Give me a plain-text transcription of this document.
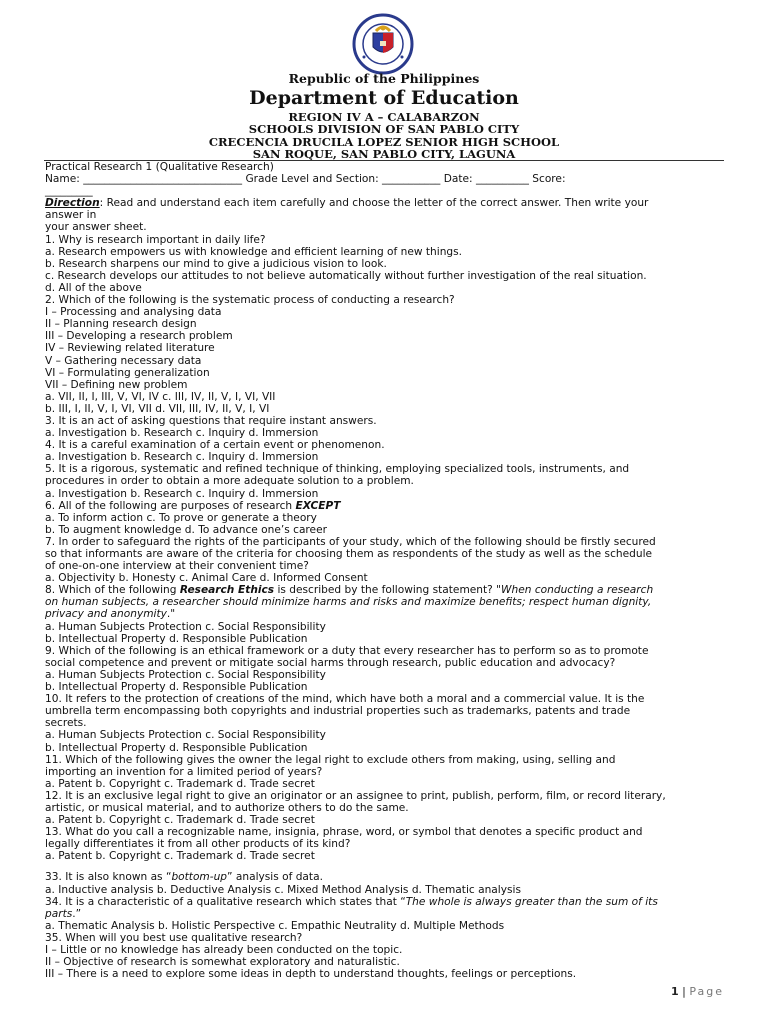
Republic of the Philippines
Department of Education
REGION IV A – CALABARZON
SCHOOLS DIVISION OF SAN PABLO CITY
CRECENCIA DRUCILA LOPEZ SENIOR HIGH SCHOOL
SAN ROQUE, SAN PABLO CITY, LAGUNA
Practical Research 1 (Qualitative Research)
Name: ______________________________ Grade Level and Section: ___________ Date: __________ Score:
_________
Direction: Read and understand each item carefully and choose the letter of the correct answer. Then write your
answer in
your answer sheet.
1. Why is research important in daily life?
a. Research empowers us with knowledge and efficient learning of new things.
b. Research sharpens our mind to give a judicious vision to look.
c. Research develops our attitudes to not believe automatically without further investigation of the real situation.
d. All of the above
2. Which of the following is the systematic process of conducting a research?
I – Processing and analysing data
II – Planning research design
III – Developing a research problem
IV – Reviewing related literature
V – Gathering necessary data
VI – Formulating generalization
VII – Defining new problem
a. VII, II, I, III, V, VI, IV c. III, IV, II, V, I, VI, VII
b. III, I, II, V, I, VI, VII d. VII, III, IV, II, V, I, VI
3. It is an act of asking questions that require instant answers.
a. Investigation b. Research c. Inquiry d. Immersion
4. It is a careful examination of a certain event or phenomenon.
a. Investigation b. Research c. Inquiry d. Immersion
5. It is a rigorous, systematic and refined technique of thinking, employing specialized tools, instruments, and
procedures in order to obtain a more adequate solution to a problem.
a. Investigation b. Research c. Inquiry d. Immersion
6. All of the following are purposes of research EXCEPT
a. To inform action c. To prove or generate a theory
b. To augment knowledge d. To advance one’s career
7. In order to safeguard the rights of the participants of your study, which of the following should be firstly secured
so that informants are aware of the criteria for choosing them as respondents of the study as well as the schedule
of one-on-one interview at their convenient time?
a. Objectivity b. Honesty c. Animal Care d. Informed Consent
8. Which of the following Research Ethics is described by the following statement? "When conducting a research
on human subjects, a researcher should minimize harms and risks and maximize benefits; respect human dignity,
privacy and anonymity."
a. Human Subjects Protection c. Social Responsibility
b. Intellectual Property d. Responsible Publication
9. Which of the following is an ethical framework or a duty that every researcher has to perform so as to promote
social competence and prevent or mitigate social harms through research, public education and advocacy?
a. Human Subjects Protection c. Social Responsibility
b. Intellectual Property d. Responsible Publication
10. It refers to the protection of creations of the mind, which have both a moral and a commercial value. It is the
umbrella term encompassing both copyrights and industrial properties such as trademarks, patents and trade
secrets.
a. Human Subjects Protection c. Social Responsibility
b. Intellectual Property d. Responsible Publication
11. Which of the following gives the owner the legal right to exclude others from making, using, selling and
importing an invention for a limited period of years?
a. Patent b. Copyright c. Trademark d. Trade secret
12. It is an exclusive legal right to give an originator or an assignee to print, publish, perform, film, or record literary,
artistic, or musical material, and to authorize others to do the same.
a. Patent b. Copyright c. Trademark d. Trade secret
13. What do you call a recognizable name, insignia, phrase, word, or symbol that denotes a specific product and
legally differentiates it from all other products of its kind?
a. Patent b. Copyright c. Trademark d. Trade secret
33. It is also known as “bottom-up” analysis of data.
a. Inductive analysis b. Deductive Analysis c. Mixed Method Analysis d. Thematic analysis
34. It is a characteristic of a qualitative research which states that “The whole is always greater than the sum of its
parts.”
a. Thematic Analysis b. Holistic Perspective c. Empathic Neutrality d. Multiple Methods
35. When will you best use qualitative research?
I – Little or no knowledge has already been conducted on the topic.
II – Objective of research is somewhat exploratory and naturalistic.
III – There is a need to explore some ideas in depth to understand thoughts, feelings or perceptions.
1 | Page
